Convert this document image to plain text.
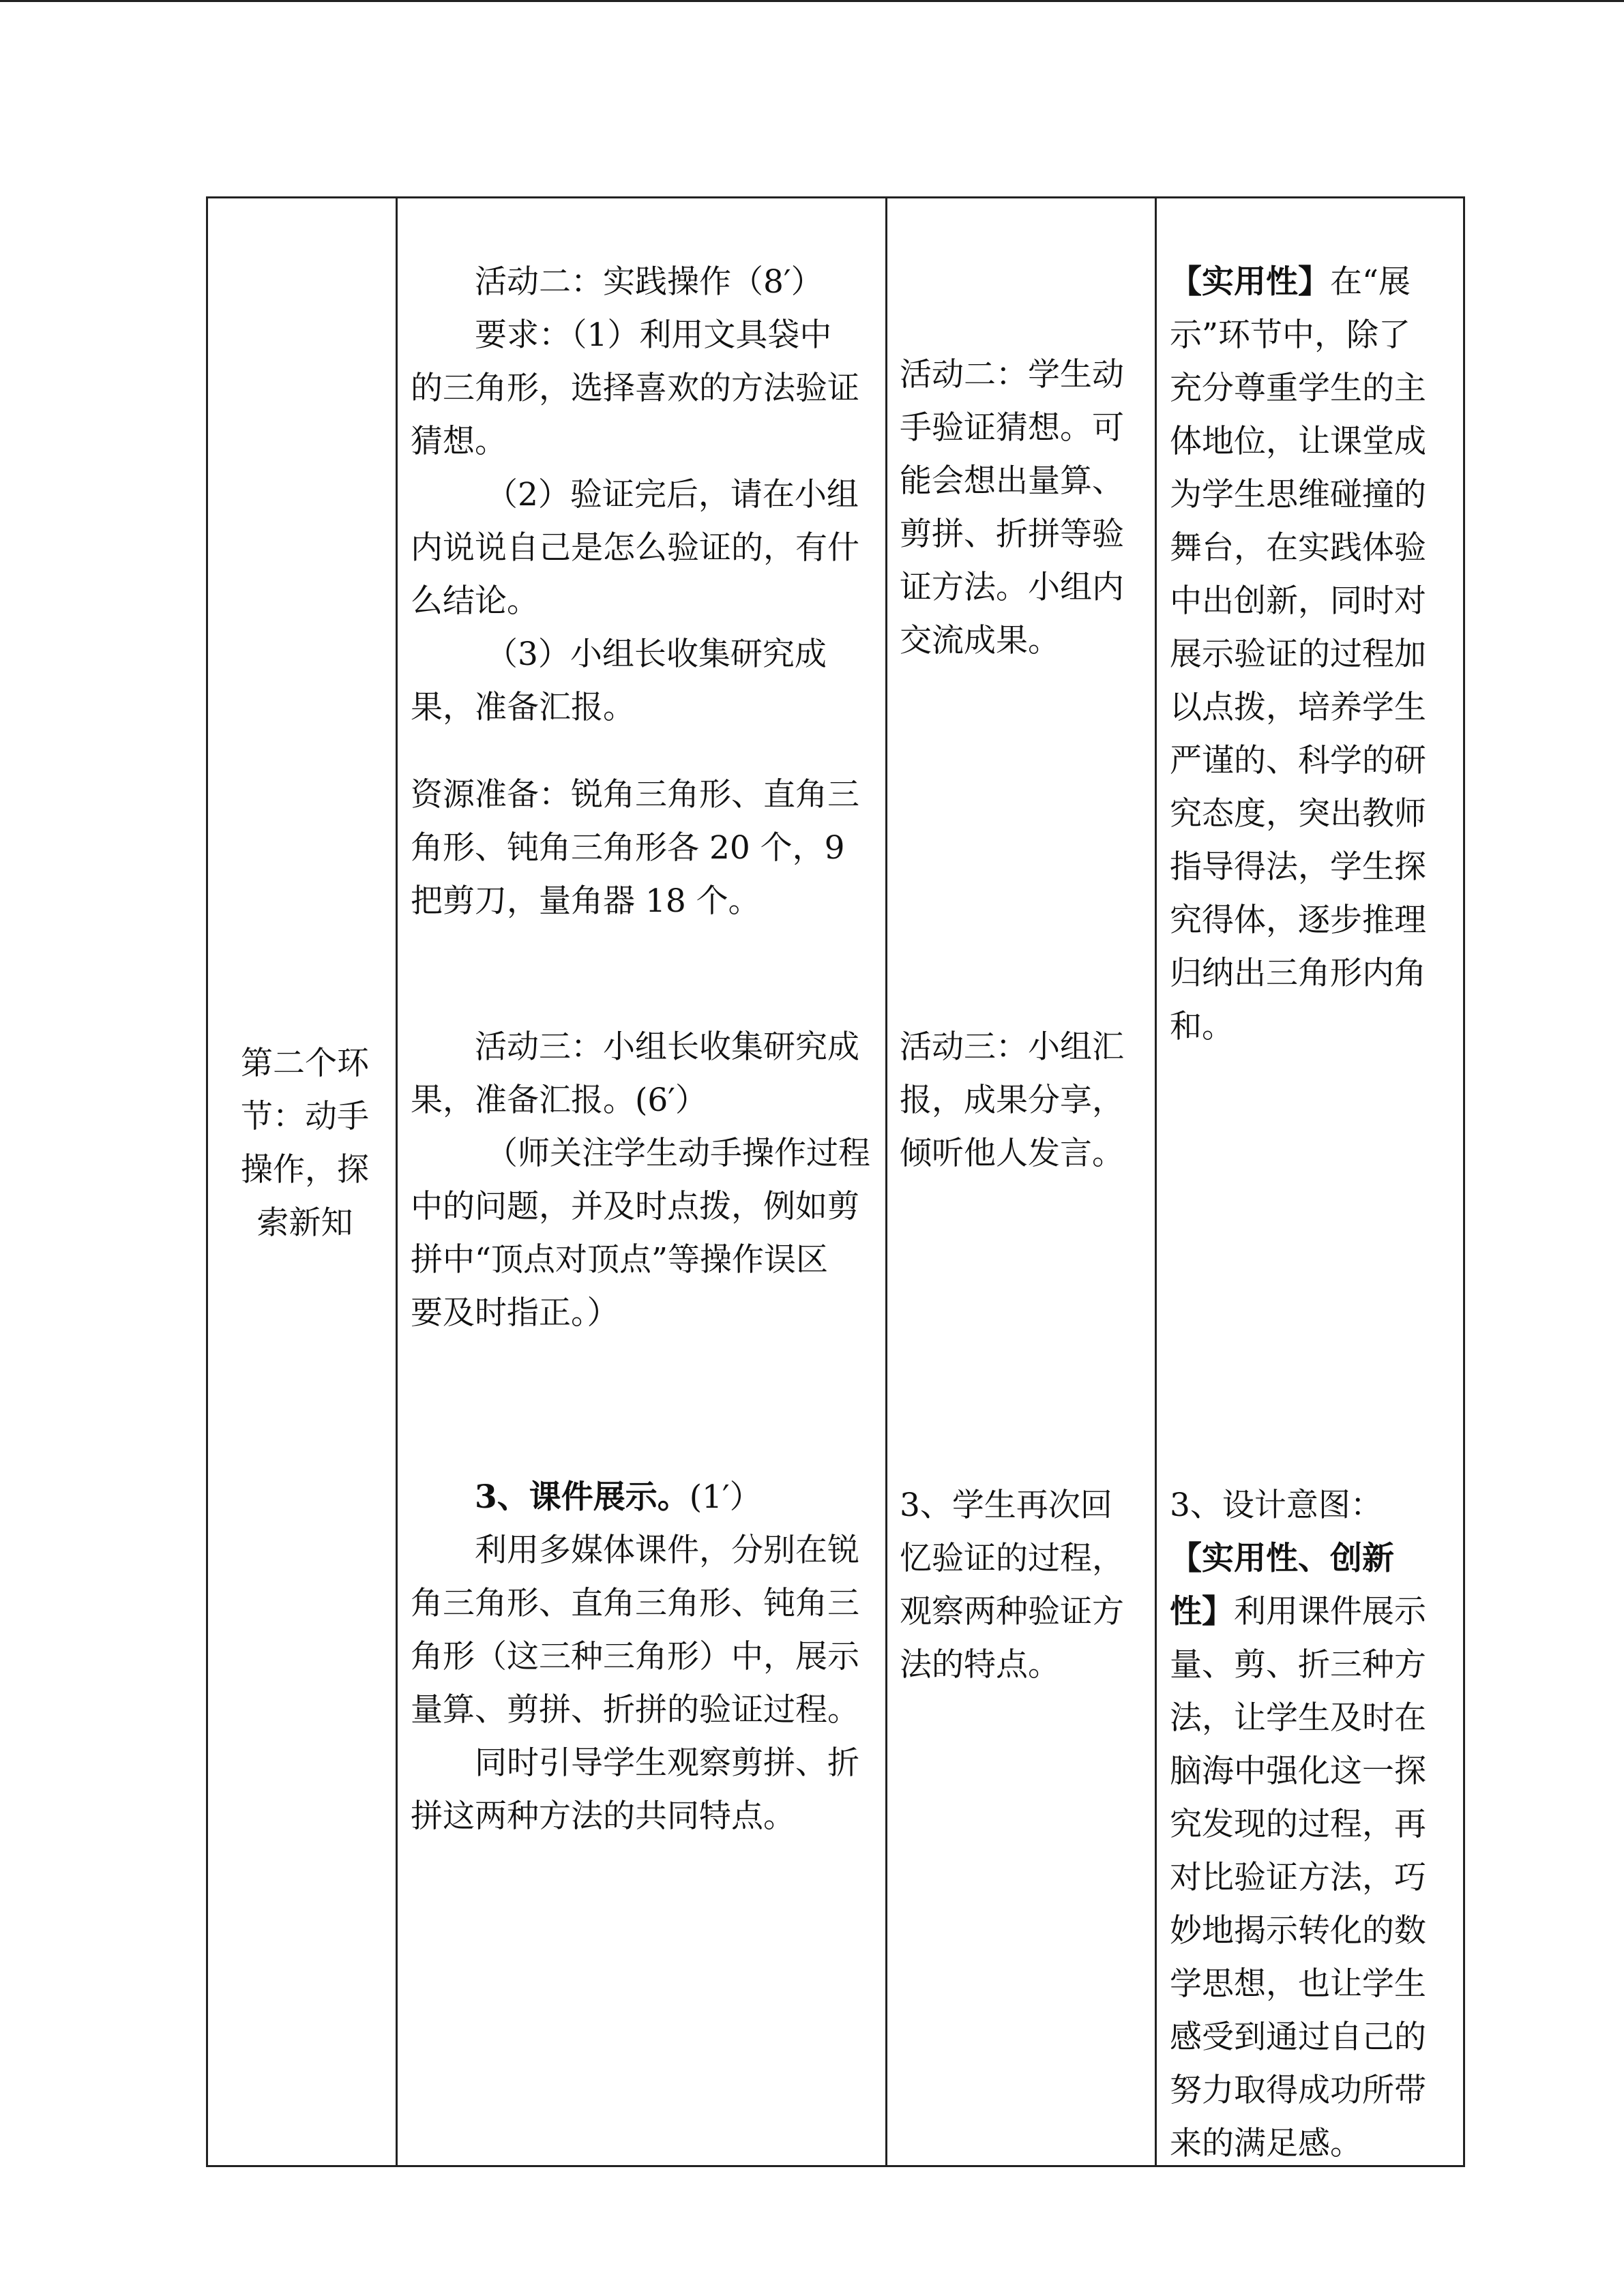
第二个环
节：动手
操作，探
索新知
活动二：实践操作（8′）
要求：（1）利用文具袋中
的三角形，选择喜欢的方法验证
猜想。
（2）验证完后，请在小组
内说说自己是怎么验证的，有什
么结论。
（3）小组长收集研究成
果，准备汇报。
资源准备：锐角三角形、直角三
角形、钝角三角形各 20 个，9
把剪刀，量角器 18 个。
活动三：小组长收集研究成
果，准备汇报。(6′）
（师关注学生动手操作过程
中的问题，并及时点拨，例如剪
拼中“顶点对顶点”等操作误区
要及时指正。）
3、课件展示。(1′）
利用多媒体课件，分别在锐
角三角形、直角三角形、钝角三
角形（这三种三角形）中，展示
量算、剪拼、折拼的验证过程。
同时引导学生观察剪拼、折
拼这两种方法的共同特点。
活动二：学生动
手验证猜想。可
能会想出量算、
剪拼、折拼等验
证方法。小组内
交流成果。
活动三：小组汇
报，成果分享，
倾听他人发言。
3、学生再次回
忆验证的过程，
观察两种验证方
法的特点。
【实用性】在“展
示”环节中，除了
充分尊重学生的主
体地位，让课堂成
为学生思维碰撞的
舞台，在实践体验
中出创新，同时对
展示验证的过程加
以点拨，培养学生
严谨的、科学的研
究态度，突出教师
指导得法，学生探
究得体，逐步推理
归纳出三角形内角
和。
3、设计意图：
【实用性、创新
性】利用课件展示
量、剪、折三种方
法，让学生及时在
脑海中强化这一探
究发现的过程，再
对比验证方法，巧
妙地揭示转化的数
学思想，也让学生
感受到通过自己的
努力取得成功所带
来的满足感。
